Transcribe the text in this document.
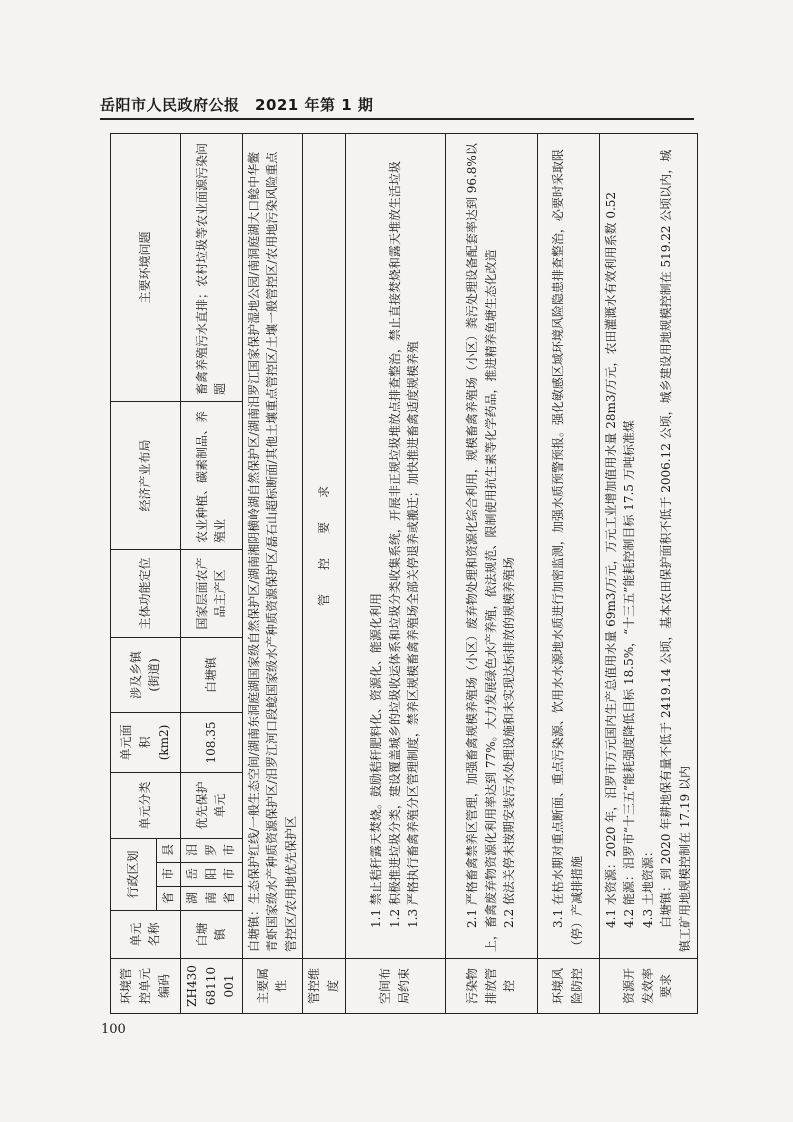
岳阳市人民政府公报　2021 年第 1 期
环境管控单元编码	单元名称	行政区划			单元分类	单元面积(km2)	涉及乡镇(街道)	主体功能定位	经济产业布局	主要环境问题
		省	市	县						
ZH43068110001	白塘镇	湖南省	岳阳市	汨罗市	优先保护单元	108.35	白塘镇	国家层面农产品主产区	农业种植、碳素制品、养殖业	畜禽养殖污水直排；农村垃圾等农业面源污染问题
主要属性	白塘镇：生态保护红线/一般生态空间/湖南东洞庭湖国家级自然保护区/湖南湘阴横岭湖自然保护区/湖南汨罗江国家保护湿地公园/南洞庭湖大口鲶中华鳖青虾国家级水产种质资源保护区/汨罗江河口段鲶国家级水产种质资源保护区/磊石山超标断面/其他土壤重点管控区/土壤一般管控区/农用地污染风险重点管控区/农用地优先保护区									
管控维度	管　　控　　要　　求									
空间布局约束	1.1 禁止秸秆露天焚烧。鼓励秸秆肥料化、资源化、能源化利用 1.2 积极推进垃圾分类，建设覆盖城乡的垃圾收运体系和垃圾分类收集系统，开展非正规垃圾堆放点排查整治，禁止直接焚烧和露天堆放生活垃圾 1.3 严格执行畜禽养殖分区管理制度，禁养区规模畜禽养殖场全部关停退养或搬迁；加快推进畜禽适度规模养殖									

污染物排放管控	2.1 严格畜禽禁养区管理，加强畜禽规模养殖场（小区）废弃物处理和资源化综合利用，规模畜禽养殖场（小区）粪污处理设备配套率达到 96.8%以上，畜禽废弃物资源化利用率达到 77%。大力发展绿色水产养殖，依法规范、限制使用抗生素等化学药品，推进精养鱼塘生态化改造 2.2 依法关停未按期安装污水处理设施和未实现达标排放的规模养殖场									

环境风险防控	3.1 在枯水期对重点断面、重点污染源、饮用水水源地水质进行加密监测，加强水质预警预报。强化敏感区域环境风险隐患排查整治，必要时采取限（停）产减排措施									

资源开发效率要求	4.1 水资源：2020 年，汨罗市万元国内生产总值用水量 69m3/万元，万元工业增加值用水量 28m3/万元，农田灌溉水有效利用系数 0.52 4.2 能源：汨罗市“十三五”能耗强度降低目标 18.5%，“十三五”能耗控制目标 17.5 万吨标准煤 4.3 土地资源： 白塘镇：到 2020 年耕地保有量不低于 2419.14 公顷，基本农田保护面积不低于 2006.12 公顷，城乡建设用地规模控制在 519.22 公顷以内，城镇工矿用地规模控制在 17.19 以内									

100
